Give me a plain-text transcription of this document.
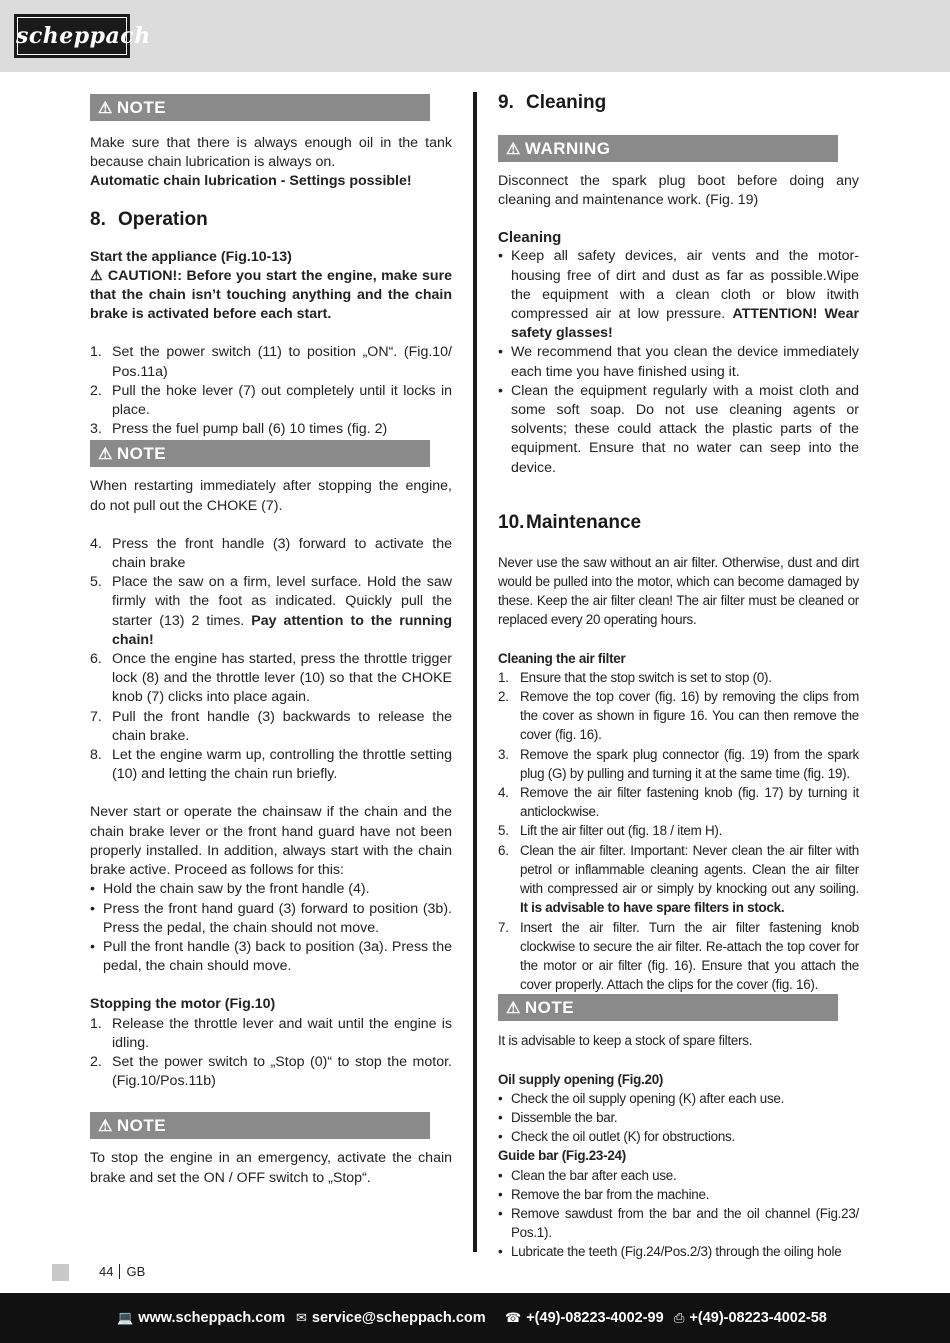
scheppach
⚠ NOTE

Make sure that there is always enough oil in the tank because chain lubrication is always on.

Automatic chain lubrication - Settings possible!

8. Operation

Start the appliance (Fig.10-13)

⚠ CAUTION!: Before you start the engine, make sure that the chain isn’t touching anything and the chain brake is activated before each start.

1. Set the power switch (11) to position „ON“. (Fig.10/ Pos.11a)
2. Pull the hoke lever (7) out completely until it locks in place.
3. Press the fuel pump ball (6) 10 times (fig. 2)
⚠ NOTE

When restarting immediately after stopping the engine, do not pull out the CHOKE (7).

4. Press the front handle (3) forward to activate the chain brake
5. Place the saw on a firm, level surface. Hold the saw firmly with the foot as indicated. Quickly pull the starter (13) 2 times. Pay attention to the running chain!
6. Once the engine has started, press the throttle trigger lock (8) and the throttle lever (10) so that the CHOKE knob (7) clicks into place again.
7. Pull the front handle (3) backwards to release the chain brake.
8. Let the engine warm up, controlling the throttle setting (10) and letting the chain run briefly.

Never start or operate the chainsaw if the chain and the chain brake lever or the front hand guard have not been properly installed. In addition, always start with the chain brake active. Proceed as follows for this:

• Hold the chain saw by the front handle (4).
• Press the front hand guard (3) forward to position (3b). Press the pedal, the chain should not move.
• Pull the front handle (3) back to position (3a). Press the pedal, the chain should move.

Stopping the motor (Fig.10)

1. Release the throttle lever and wait until the engine is idling.
2. Set the power switch to „Stop (0)“ to stop the motor. (Fig.10/Pos.11b)
⚠ NOTE

To stop the engine in an emergency, activate the chain brake and set the ON / OFF switch to „Stop“.

9. Cleaning
⚠ WARNING

Disconnect the spark plug boot before doing any cleaning and maintenance work. (Fig. 19)

Cleaning
• Keep all safety devices, air vents and the motor-housing free of dirt and dust as far as possible.Wipe the equipment with a clean cloth or blow itwith compressed air at low pressure. ATTENTION! Wear safety glasses!
• We recommend that you clean the device immediately each time you have finished using it.
• Clean the equipment regularly with a moist cloth and some soft soap. Do not use cleaning agents or solvents; these could attack the plastic parts of the equipment. Ensure that no water can seep into the device.
10.Maintenance

Never use the saw without an air filter. Otherwise, dust and dirt would be pulled into the motor, which can become damaged by these. Keep the air filter clean! The air filter must be cleaned or replaced every 20 operating hours.

Cleaning the air filter

1. Ensure that the stop switch is set to stop (0).
2. Remove the top cover (fig. 16) by removing the clips from the cover as shown in figure 16. You can then remove the cover (fig. 16).
3. Remove the spark plug connector (fig. 19) from the spark plug (G) by pulling and turning it at the same time (fig. 19).
4. Remove the air filter fastening knob (fig. 17) by turning it anticlockwise.
5. Lift the air filter out (fig. 18 / item H).
6. Clean the air filter. Important: Never clean the air filter with petrol or inflammable cleaning agents. Clean the air filter with compressed air or simply by knocking out any soiling. It is advisable to have spare filters in stock.
7. Insert the air filter. Turn the air filter fastening knob clockwise to secure the air filter. Re-attach the top cover for the motor or air filter (fig. 16). Ensure that you attach the cover properly. Attach the clips for the cover (fig. 16).
⚠ NOTE

It is advisable to keep a stock of spare filters.

Oil supply opening (Fig.20)

• Check the oil supply opening (K) after each use.
• Dissemble the bar.
• Check the oil outlet (K) for obstructions.

Guide bar (Fig.23-24)

• Clean the bar after each use.
• Remove the bar from the machine.
• Remove sawdust from the bar and the oil channel (Fig.23/ Pos.1).
• Lubricate the teeth (Fig.24/Pos.2/3) through the oiling hole
44 GB
💻 www.scheppach.com ✉ service@scheppach.com ☎ +(49)-08223-4002-99 ⎙ +(49)-08223-4002-58
